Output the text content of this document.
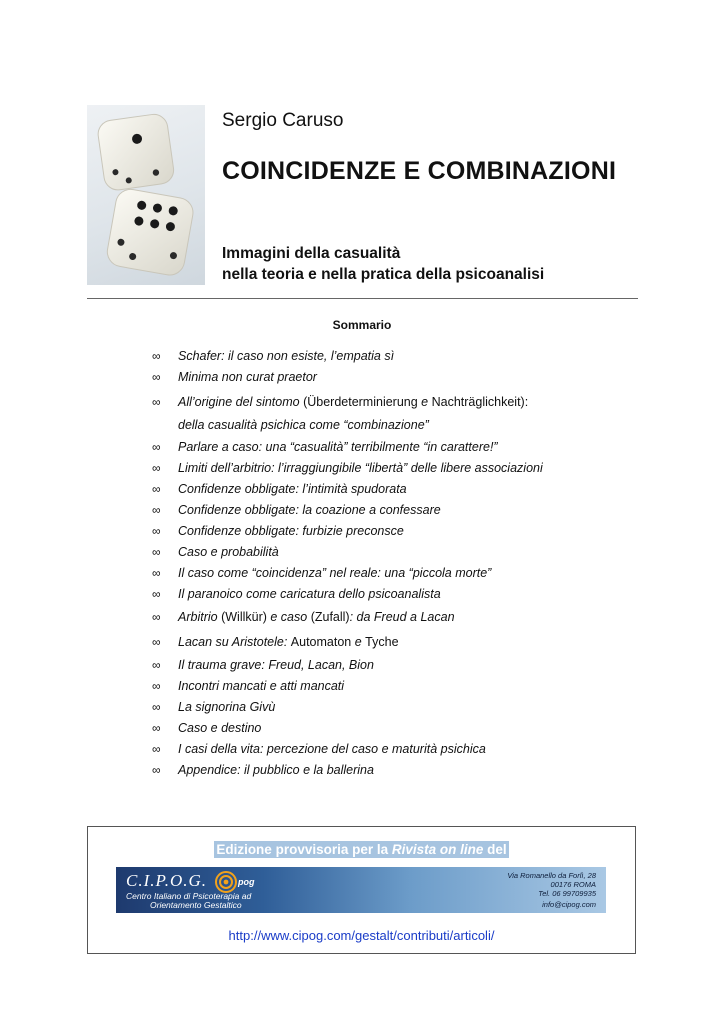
Sergio Caruso
COINCIDENZE E COMBINAZIONI
Immagini della casualità
nella teoria e nella pratica della psicoanalisi
Sommario
∞ Schafer: il caso non esiste, l’empatia sì
∞ Minima non curat praetor
∞ All’origine del sintomo (Überdeterminierung e Nachträglichkeit):
della casualità psichica come “combinazione”
∞ Parlare a caso: una “casualità” terribilmente “in carattere!”
∞ Limiti dell’arbitrio: l’irraggiungibile “libertà” delle libere associazioni
∞ Confidenze obbligate: l’intimità spudorata
∞ Confidenze obbligate: la coazione a confessare
∞ Confidenze obbligate: furbizie preconsce
∞ Caso e probabilità
∞ Il caso come “coincidenza” nel reale: una “piccola morte”
∞ Il paranoico come caricatura dello psicoanalista
∞ Arbitrio (Willkür) e caso (Zufall): da Freud a Lacan
∞ Lacan su Aristotele: Automaton e Tyche
∞ Il trauma grave: Freud, Lacan, Bion
∞ Incontri mancati e atti mancati
∞ La signorina Givù
∞ Caso e destino
∞ I casi della vita: percezione del caso e maturità psichica
∞ Appendice: il pubblico e la ballerina
Edizione provvisoria per la Rivista on line del
C.I.P.O.G.	pog
Centro Italiano di Psicoterapia ad
Orientamento Gestaltico
Via Romanello da Forlì, 28
00176 ROMA
Tel. 06 99709935
info@cipog.com
http://www.cipog.com/gestalt/contributi/articoli/
